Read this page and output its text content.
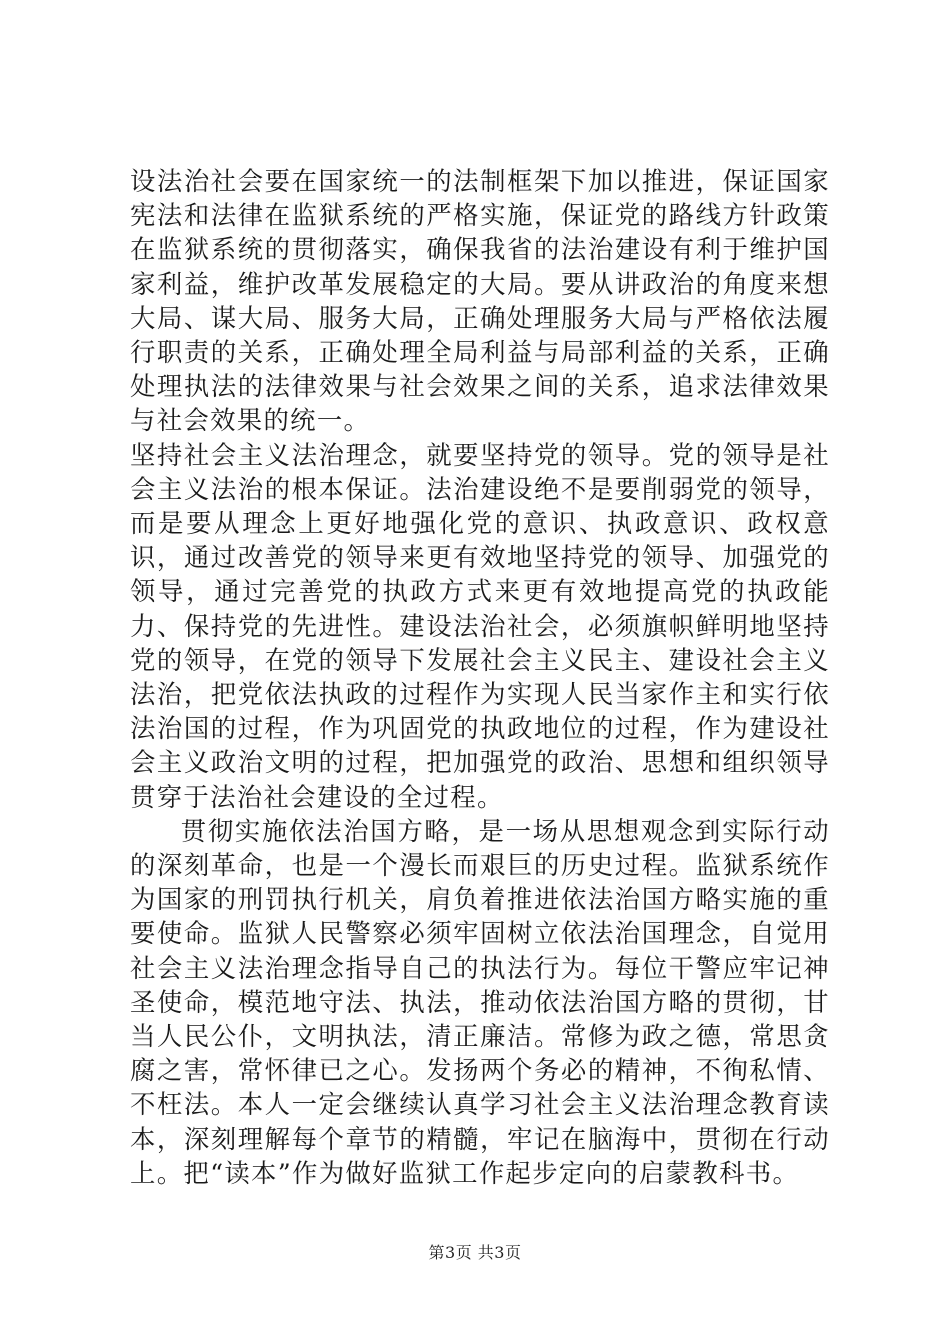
设法治社会要在国家统一的法制框架下加以推进，保证国家宪法和法律在监狱系统的严格实施，保证党的路线方针政策在监狱系统的贯彻落实，确保我省的法治建设有利于维护国家利益，维护改革发展稳定的大局。要从讲政治的角度来想大局、谋大局、服务大局，正确处理服务大局与严格依法履行职责的关系，正确处理全局利益与局部利益的关系，正确处理执法的法律效果与社会效果之间的关系，追求法律效果与社会效果的统一。

坚持社会主义法治理念，就要坚持党的领导。党的领导是社会主义法治的根本保证。法治建设绝不是要削弱党的领导，而是要从理念上更好地强化党的意识、执政意识、政权意识，通过改善党的领导来更有效地坚持党的领导、加强党的领导，通过完善党的执政方式来更有效地提高党的执政能力、保持党的先进性。建设法治社会，必须旗帜鲜明地坚持党的领导，在党的领导下发展社会主义民主、建设社会主义法治，把党依法执政的过程作为实现人民当家作主和实行依法治国的过程，作为巩固党的执政地位的过程，作为建设社会主义政治文明的过程，把加强党的政治、思想和组织领导贯穿于法治社会建设的全过程。

贯彻实施依法治国方略，是一场从思想观念到实际行动的深刻革命，也是一个漫长而艰巨的历史过程。监狱系统作为国家的刑罚执行机关，肩负着推进依法治国方略实施的重要使命。监狱人民警察必须牢固树立依法治国理念，自觉用社会主义法治理念指导自己的执法行为。每位干警应牢记神圣使命，模范地守法、执法，推动依法治国方略的贯彻，甘当人民公仆，文明执法，清正廉洁。常修为政之德，常思贪腐之害，常怀律已之心。发扬两个务必的精神，不徇私情、不枉法。本人一定会继续认真学习社会主义法治理念教育读本，深刻理解每个章节的精髓，牢记在脑海中，贯彻在行动上。把“读本”作为做好监狱工作起步定向的启蒙教科书。

第3页 共3页
